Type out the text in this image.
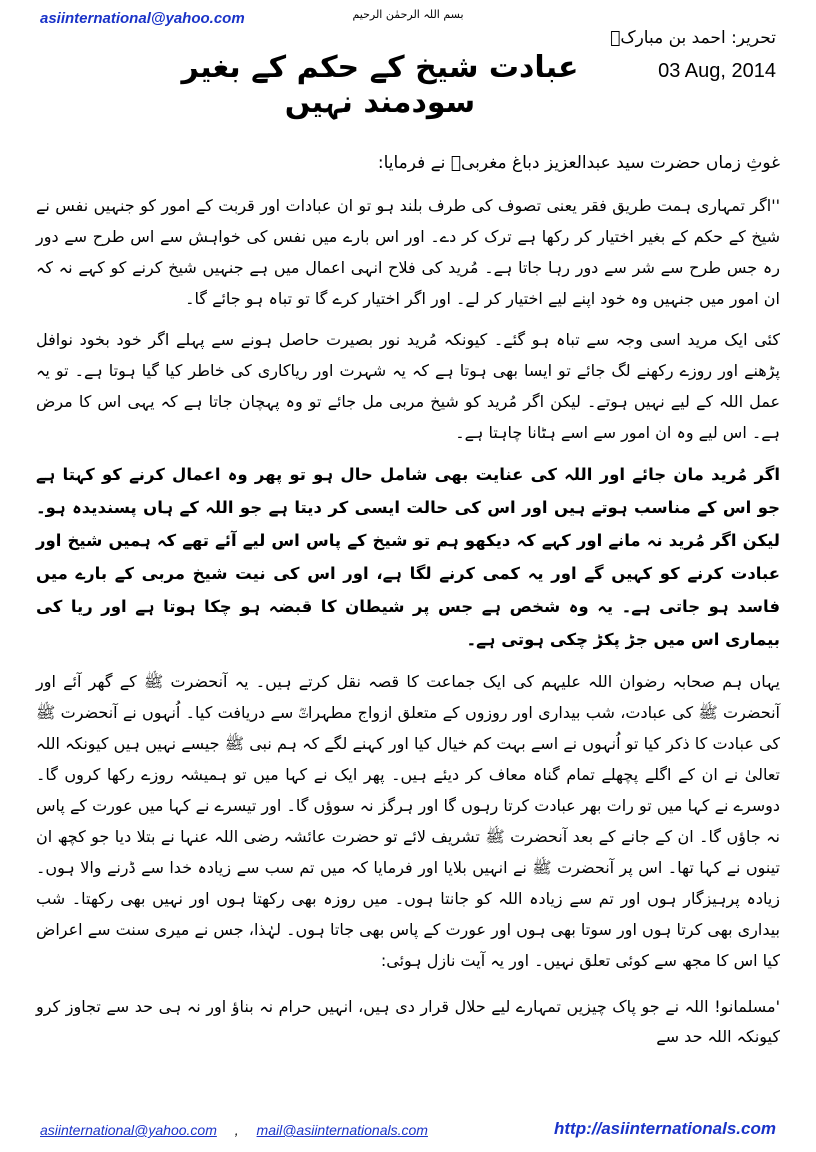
asiinternational@yahoo.com	بسم اللہ الرحمٰن الرحیم
تحریر: احمد بن مبارکؒ
03 Aug, 2014
عبادت شیخ کے حکم کے بغیر سودمند نہیں

غوثِ زماں حضرت سید عبدالعزیز دباغ مغربیؒ نے فرمایا:

''اگر تمہاری ہمت طریق فقر یعنی تصوف کی طرف بلند ہو تو ان عبادات اور قربت کے امور کو جنہیں نفس نے شیخ کے حکم کے بغیر اختیار کر رکھا ہے ترک کر دے۔ اور اس بارے میں نفس کی خواہش سے اس طرح سے دور رہ جس طرح سے شر سے دور رہا جاتا ہے۔ مُرید کی فلاح انہی اعمال میں ہے جنہیں شیخ کرنے کو کہے نہ کہ ان امور میں جنہیں وہ خود اپنے لیے اختیار کر لے۔ اور اگر اختیار کرے گا تو تباہ ہو جائے گا۔

کئی ایک مرید اسی وجہ سے تباہ ہو گئے۔ کیونکہ مُرید نور بصیرت حاصل ہونے سے پہلے اگر خود بخود نوافل پڑھنے اور روزے رکھنے لگ جائے تو ایسا بھی ہوتا ہے کہ یہ شہرت اور ریاکاری کی خاطر کیا گیا ہوتا ہے۔ تو یہ عمل اللہ کے لیے نہیں ہوتے۔ لیکن اگر مُرید کو شیخ مربی مل جائے تو وہ پہچان جاتا ہے کہ یہی اس کا مرض ہے۔ اس لیے وہ ان امور سے اسے ہٹانا چاہتا ہے۔

اگر مُرید مان جائے اور اللہ کی عنایت بھی شامل حال ہو تو پھر وہ اعمال کرنے کو کہتا ہے جو اس کے مناسب ہوتے ہیں اور اس کی حالت ایسی کر دیتا ہے جو اللہ کے ہاں پسندیدہ ہو۔ لیکن اگر مُرید نہ مانے اور کہے کہ دیکھو ہم تو شیخ کے پاس اس لیے آئے تھے کہ ہمیں شیخ اور عبادت کرنے کو کہیں گے اور یہ کمی کرنے لگا ہے، اور اس کی نیت شیخ مربی کے بارے میں فاسد ہو جاتی ہے۔ یہ وہ شخص ہے جس پر شیطان کا قبضہ ہو چکا ہوتا ہے اور ریا کی بیماری اس میں جڑ پکڑ چکی ہوتی ہے۔

یہاں ہم صحابہ رضوان اللہ علیہم کی ایک جماعت کا قصہ نقل کرتے ہیں۔ یہ آنحضرت ﷺ کے گھر آئے اور آنحضرت ﷺ کی عبادت، شب بیداری اور روزوں کے متعلق ازواج مطہراتؓ سے دریافت کیا۔ اُنہوں نے آنحضرت ﷺ کی عبادت کا ذکر کیا تو اُنہوں نے اسے بہت کم خیال کیا اور کہنے لگے کہ ہم نبی ﷺ جیسے نہیں ہیں کیونکہ اللہ تعالیٰ نے ان کے اگلے پچھلے تمام گناہ معاف کر دیئے ہیں۔ پھر ایک نے کہا میں تو ہمیشہ روزے رکھا کروں گا۔ دوسرے نے کہا میں تو رات بھر عبادت کرتا رہوں گا اور ہرگز نہ سوؤں گا۔ اور تیسرے نے کہا میں عورت کے پاس نہ جاؤں گا۔ ان کے جانے کے بعد آنحضرت ﷺ تشریف لائے تو حضرت عائشہ رضی اللہ عنہا نے بتلا دیا جو کچھ ان تینوں نے کہا تھا۔ اس پر آنحضرت ﷺ نے انہیں بلایا اور فرمایا کہ میں تم سب سے زیادہ خدا سے ڈرنے والا ہوں۔ زیادہ پرہیزگار ہوں اور تم سے زیادہ اللہ کو جانتا ہوں۔ میں روزہ بھی رکھتا ہوں اور نہیں بھی رکھتا۔ شب بیداری بھی کرتا ہوں اور سوتا بھی ہوں اور عورت کے پاس بھی جاتا ہوں۔ لہٰذا، جس نے میری سنت سے اعراض کیا اس کا مجھ سے کوئی تعلق نہیں۔ اور یہ آیت نازل ہوئی:

'مسلمانو! اللہ نے جو پاک چیزیں تمہارے لیے حلال قرار دی ہیں، انہیں حرام نہ بناؤ اور نہ ہی حد سے تجاوز کرو کیونکہ اللہ حد سے

asiinternational@yahoo.com , mail@asiinternationals.com	http://asiinternationals.com
